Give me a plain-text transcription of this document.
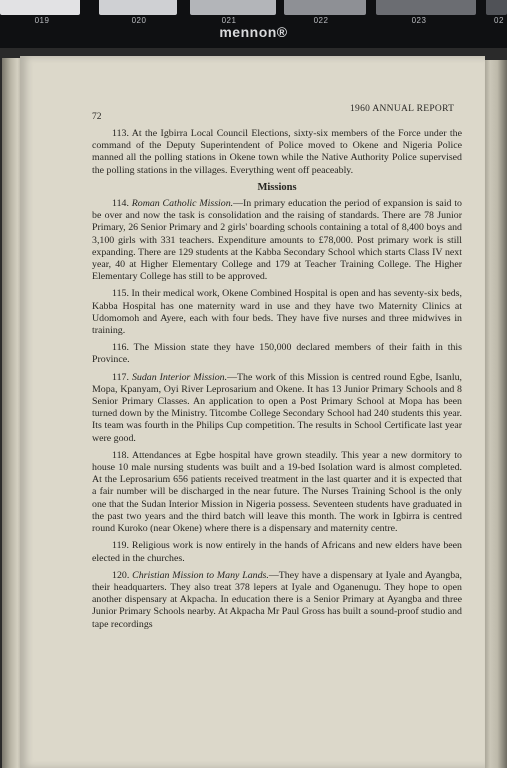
019	020	021	022	023	02
mennon®
72
1960 ANNUAL REPORT

113. At the Igbirra Local Council Elections, sixty-six members of the Force under the command of the Deputy Superintendent of Police moved to Okene and Nigeria Police manned all the polling stations in Okene town while the Native Authority Police supervised the polling stations in the villages. Everything went off peaceably.

Missions

114. Roman Catholic Mission.—In primary education the period of expansion is said to be over and now the task is consolidation and the raising of standards. There are 78 Junior Primary, 26 Senior Primary and 2 girls' boarding schools containing a total of 8,400 boys and 3,100 girls with 331 teachers. Expenditure amounts to £78,000. Post primary work is still expanding. There are 129 students at the Kabba Secondary School which starts Class IV next year, 40 at Higher Elementary College and 179 at Teacher Training College. The Higher Elementary College has still to be approved.

115. In their medical work, Okene Combined Hospital is open and has seventy-six beds, Kabba Hospital has one maternity ward in use and they have two Maternity Clinics at Udomomoh and Ayere, each with four beds. They have five nurses and three midwives in training.

116. The Mission state they have 150,000 declared members of their faith in this Province.

117. Sudan Interior Mission.—The work of this Mission is centred round Egbe, Isanlu, Mopa, Kpanyam, Oyi River Leprosarium and Okene. It has 13 Junior Primary Schools and 8 Senior Primary Classes. An application to open a Post Primary School at Mopa has been turned down by the Ministry. Titcombe College Secondary School had 240 students this year. Its team was fourth in the Philips Cup competition. The results in School Certificate last year were good.

118. Attendances at Egbe hospital have grown steadily. This year a new dormitory to house 10 male nursing students was built and a 19-bed Isolation ward is almost completed. At the Leprosarium 656 patients received treatment in the last quarter and it is expected that a fair number will be discharged in the near future. The Nurses Training School is the only one that the Sudan Interior Mission in Nigeria possess. Seventeen students have graduated in the past two years and the third batch will leave this month. The work in Igbirra is centred round Kuroko (near Okene) where there is a dispensary and maternity centre.

119. Religious work is now entirely in the hands of Africans and new elders have been elected in the churches.

120. Christian Mission to Many Lands.—They have a dispensary at Iyale and Ayangba, their headquarters. They also treat 378 lepers at Iyale and Oganenugu. They hope to open another dispensary at Akpacha. In education there is a Senior Primary at Ayangba and three Junior Primary Schools nearby. At Akpacha Mr Paul Gross has built a sound-proof studio and tape recordings
